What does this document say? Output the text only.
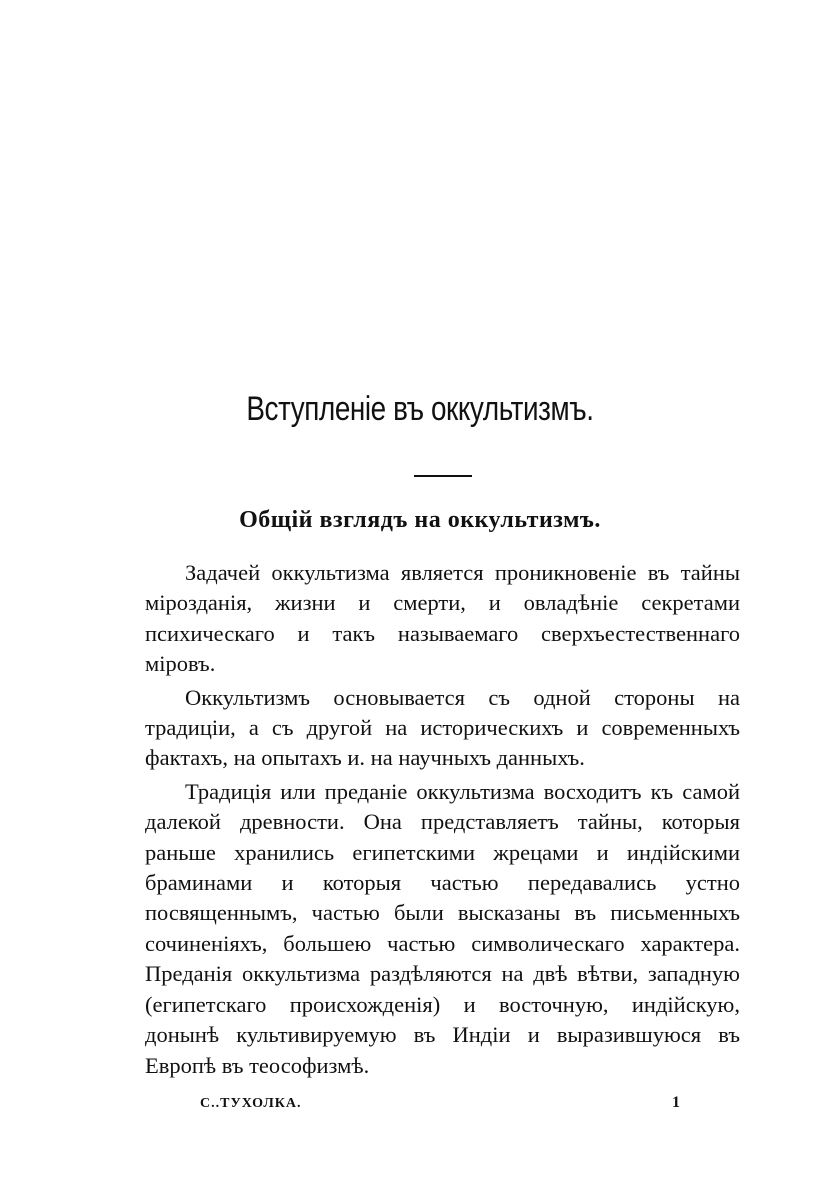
Вступленіе въ оккультизмъ.
Общій взглядъ на оккультизмъ.

Задачей оккультизма является проникновеніе въ тайны мірозданія, жизни и смерти, и овладѣніе секретами психическаго и такъ называемаго сверхъестественнаго міровъ.

Оккультизмъ основывается съ одной стороны на традиціи, а съ другой на историческихъ и современныхъ фактахъ, на опытахъ и. на научныхъ данныхъ.

Традиція или преданіе оккультизма восходитъ къ самой далекой древности. Она представляетъ тайны, которыя раньше хранились египетскими жрецами и индійскими браминами и которыя частью передавались устно посвященнымъ, частью были высказаны въ письменныхъ сочиненіяхъ, большею частью символическаго характера. Преданія оккультизма раздѣляются на двѣ вѣтви, западную (египетскаго происхожденія) и восточную, индійскую, донынѣ культивируемую въ Индіи и выразившуюся въ Европѣ въ теософизмѣ.

С..ТУХОЛКА.	1
